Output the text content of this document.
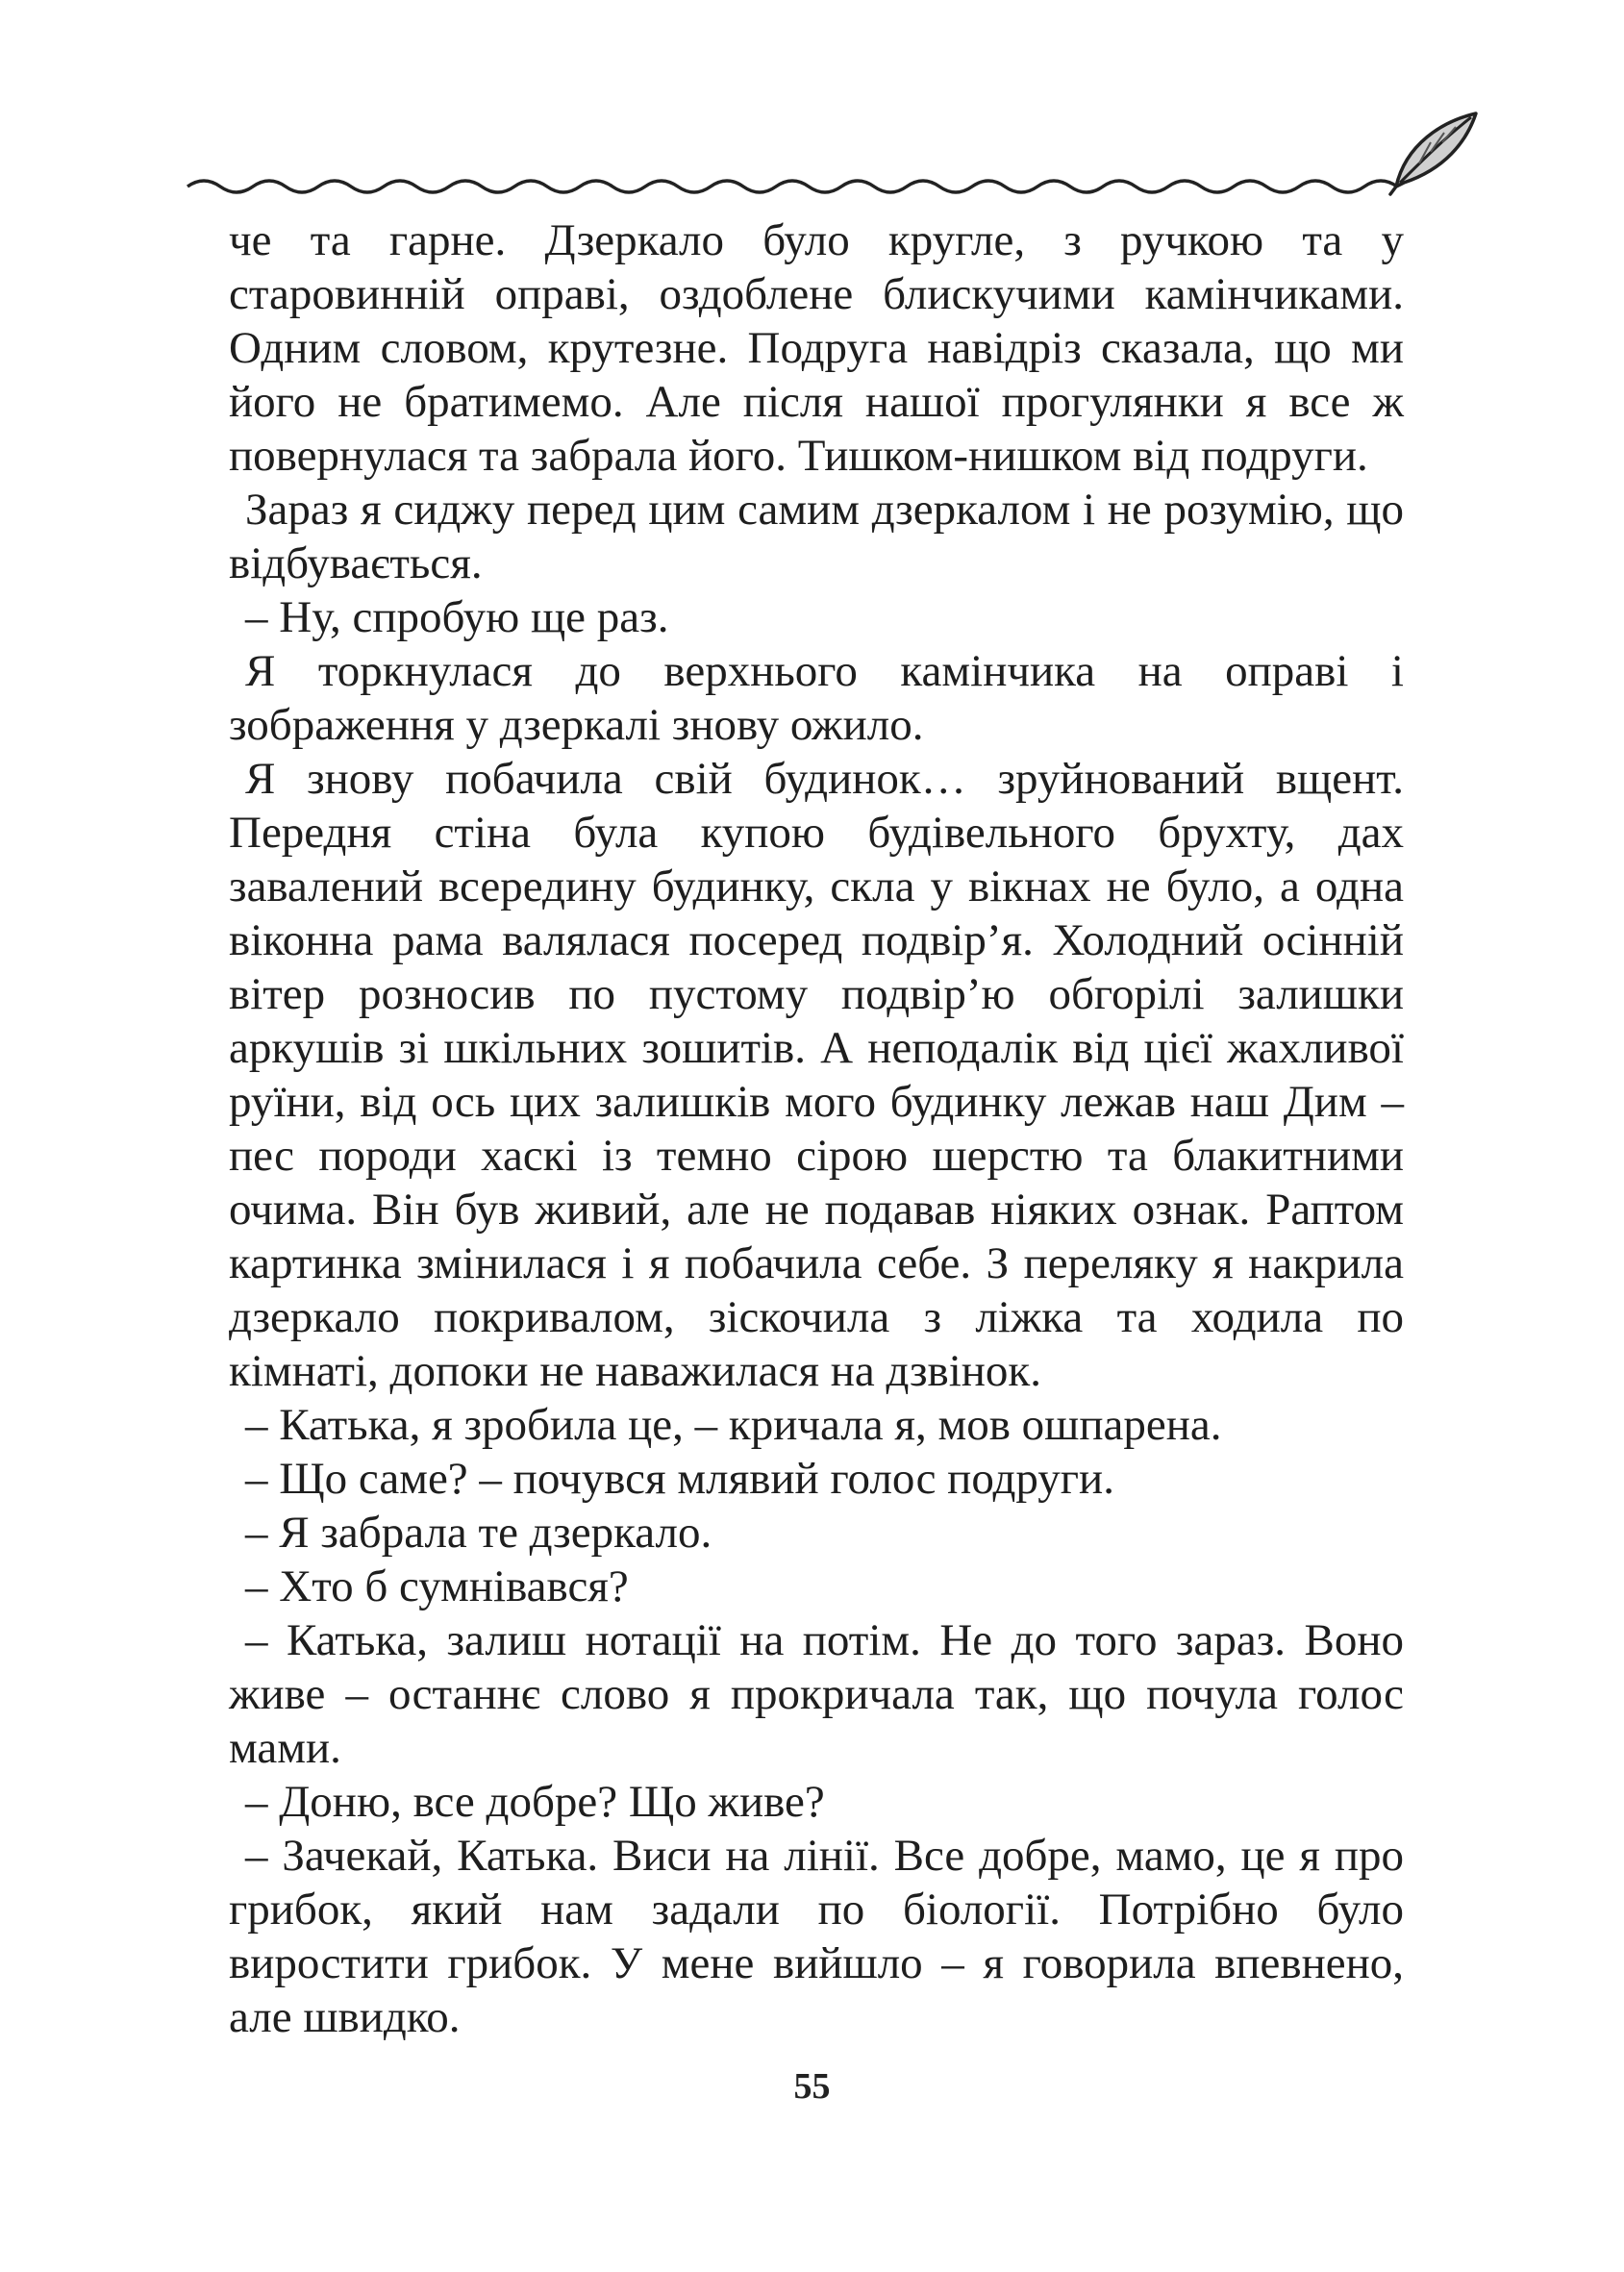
че та гарне. Дзеркало було кругле, з ручкою та у старовинній оправі, оздоблене блискучими камінчиками. Одним словом, крутезне. Подруга навідріз сказала, що ми його не братимемо. Але після нашої прогулянки я все ж повернулася та забрала його. Тишком-нишком від подруги.

Зараз я сиджу перед цим самим дзеркалом і не розумію, що відбувається.

– Ну, спробую ще раз.

Я торкнулася до верхнього камінчика на оправі і зображення у дзеркалі знову ожило.

Я знову побачила свій будинок… зруйнований вщент. Передня стіна була купою будівельного брухту, дах завалений всередину будинку, скла у вікнах не було, а одна віконна рама валялася посеред подвір’я. Холодний осінній вітер розносив по пустому подвір’ю обгорілі залишки аркушів зі шкільних зошитів. А неподалік від цієї жахливої руїни, від ось цих залишків мого будинку лежав наш Дим – пес породи хаскі із темно сірою шерстю та блакитними очима. Він був живий, але не подавав ніяких ознак. Раптом картинка змінилася і я побачила себе. З переляку я накрила дзеркало покривалом, зіскочила з ліжка та ходила по кімнаті, допоки не наважилася на дзвінок.

– Катька, я зробила це, – кричала я, мов ошпарена.

– Що саме? – почувся млявий голос подруги.

– Я забрала те дзеркало.

– Хто б сумнівався?

– Катька, залиш нотації на потім. Не до того зараз. Воно живе – останнє слово я прокричала так, що почула голос мами.

– Доню, все добре? Що живе?

– Зачекай, Катька. Виси на лінії. Все добре, мамо, це я про грибок, який нам задали по біології. Потрібно було виростити грибок. У мене вийшло – я говорила впевнено, але швидко.

55
